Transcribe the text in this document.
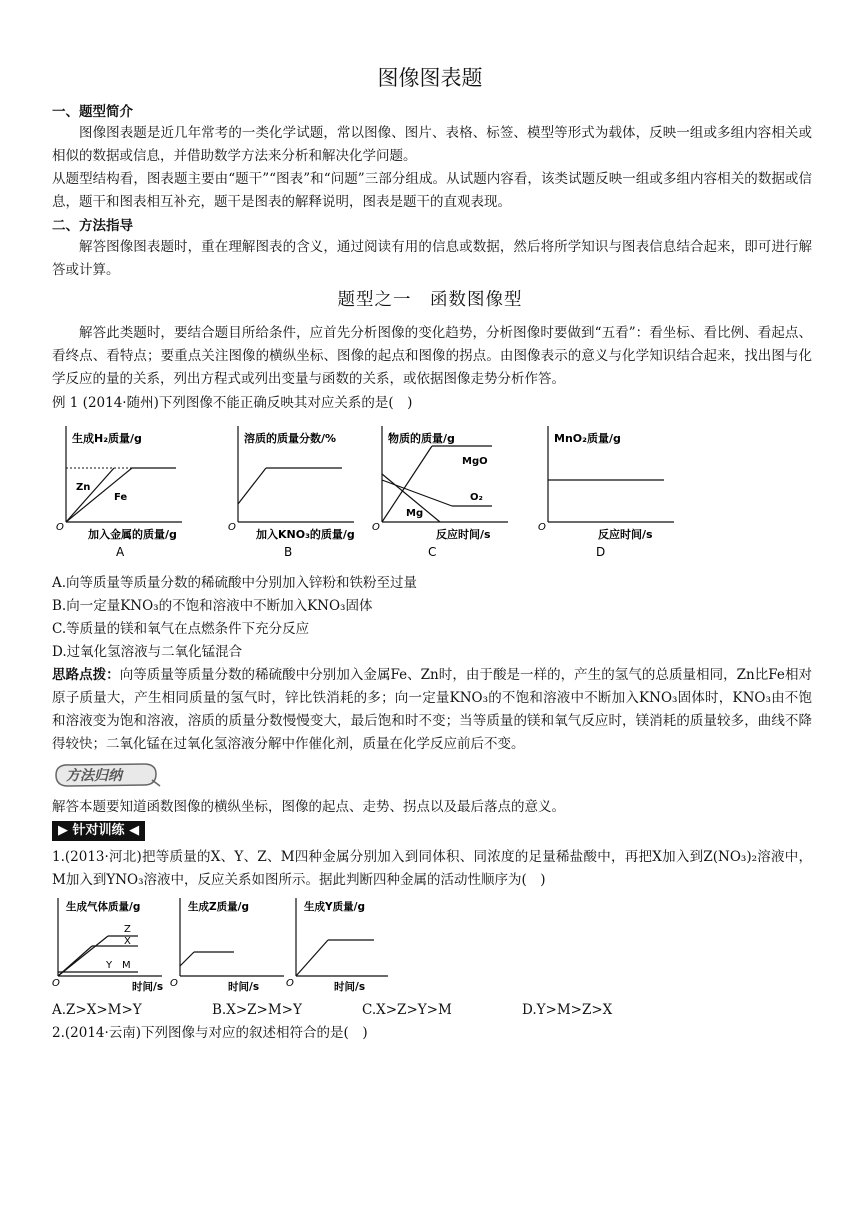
图像图表题
一、题型简介
图像图表题是近几年常考的一类化学试题，常以图像、图片、表格、标签、模型等形式为载体，反映一组或多组内容相关或相似的数据或信息，并借助数学方法来分析和解决化学问题。
从题型结构看，图表题主要由“题干”“图表”和“问题”三部分组成。从试题内容看，该类试题反映一组或多组内容相关的数据或信息，题干和图表相互补充，题干是图表的解释说明，图表是题干的直观表现。
二、方法指导
解答图像图表题时，重在理解图表的含义，通过阅读有用的信息或数据，然后将所学知识与图表信息结合起来，即可进行解答或计算。
题型之一　函数图像型
解答此类题时，要结合题目所给条件，应首先分析图像的变化趋势，分析图像时要做到“五看”：看坐标、看比例、看起点、看终点、看特点；要重点关注图像的横纵坐标、图像的起点和图像的拐点。由图像表示的意义与化学知识结合起来，找出图与化学反应的量的关系，列出方程式或列出变量与函数的关系，或依据图像走势分析作答。
例 1 (2014·随州)下列图像不能正确反映其对应关系的是(　)
生成H₂质量/g
Zn
Fe
O
加入金属的质量/g
A
溶质的质量分数/%
O
加入KNO₃的质量/g
B
物质的质量/g
MgO
O₂
Mg
O
反应时间/s
C
MnO₂质量/g
O
反应时间/s
D
A.向等质量等质量分数的稀硫酸中分别加入锌粉和铁粉至过量
B.向一定量KNO₃的不饱和溶液中不断加入KNO₃固体
C.等质量的镁和氧气在点燃条件下充分反应
D.过氧化氢溶液与二氧化锰混合
思路点拨：向等质量等质量分数的稀硫酸中分别加入金属Fe、Zn时，由于酸是一样的，产生的氢气的总质量相同，Zn比Fe相对原子质量大，产生相同质量的氢气时，锌比铁消耗的多；向一定量KNO₃的不饱和溶液中不断加入KNO₃固体时，KNO₃由不饱和溶液变为饱和溶液，溶质的质量分数慢慢变大，最后饱和时不变；当等质量的镁和氧气反应时，镁消耗的质量较多，曲线不降得较快；二氧化锰在过氧化氢溶液分解中作催化剂，质量在化学反应前后不变。
方法归纳
解答本题要知道函数图像的横纵坐标，图像的起点、走势、拐点以及最后落点的意义。
▶ 针对训练 ◀
1.(2013·河北)把等质量的X、Y、Z、M四种金属分别加入到同体积、同浓度的足量稀盐酸中，再把X加入到Z(NO₃)₂溶液中，M加入到YNO₃溶液中，反应关系如图所示。据此判断四种金属的活动性顺序为(　)
生成气体质量/g
Z
X
Y M
O	时间/s
生成Z质量/g
O	时间/s
生成Y质量/g
O	时间/s
A.Z>X>M>Y	B.X>Z>M>Y	C.X>Z>Y>M	D.Y>M>Z>X
2.(2014·云南)下列图像与对应的叙述相符合的是(　)
